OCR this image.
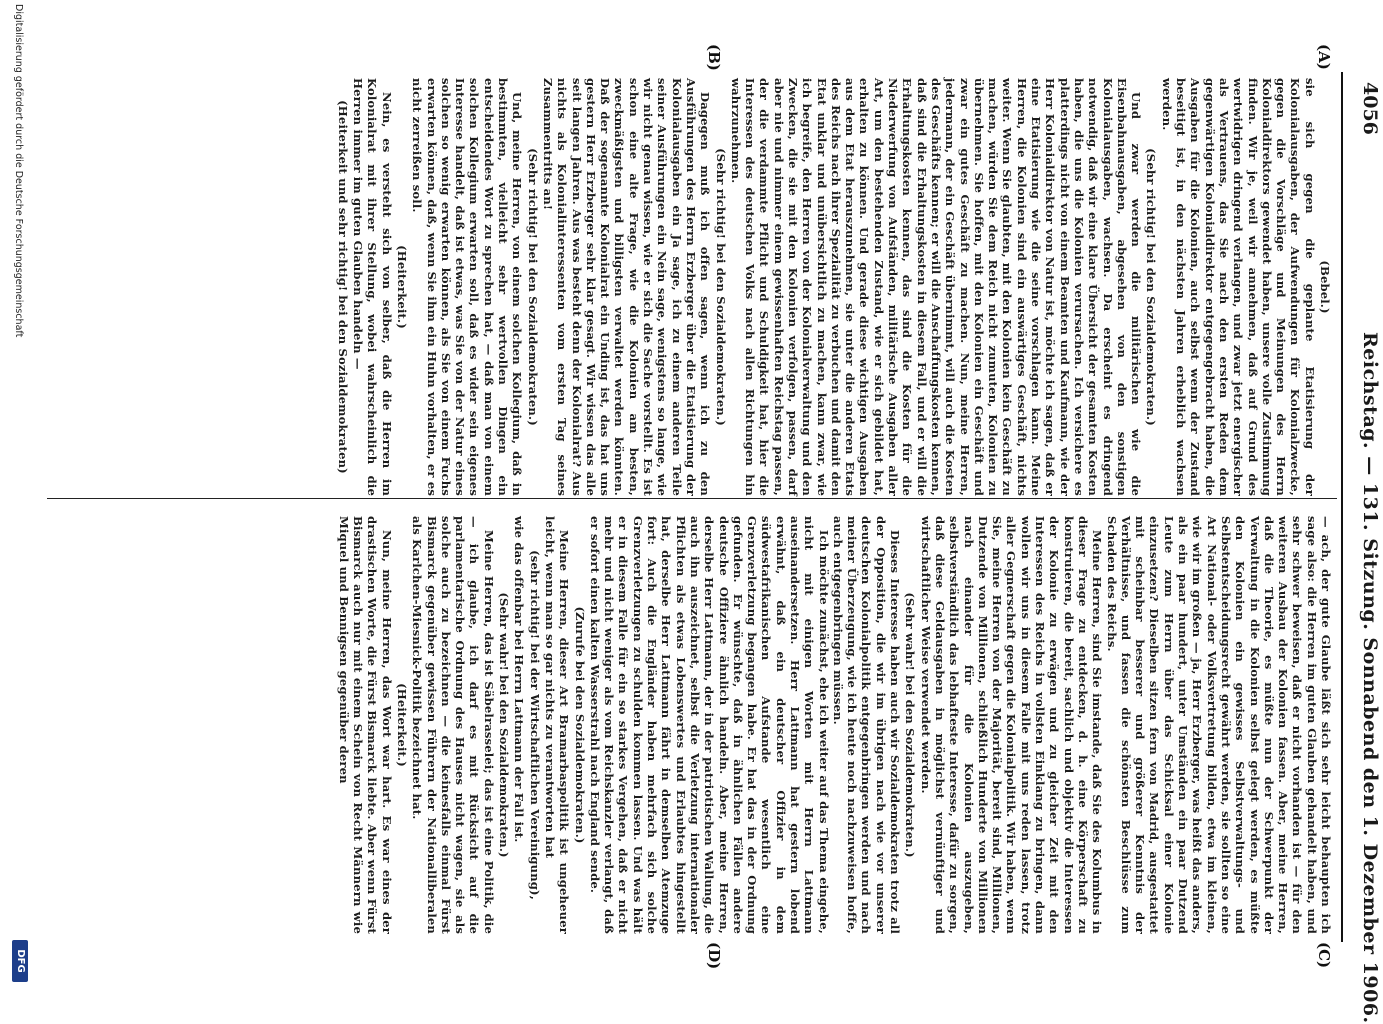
4056
Reichstag. — 131. Sitzung. Sonnabend den 1. Dezember 1906.
(A)
(B)
(C)
(D)

(Bebel.)

sie sich gegen die geplante Etatisierung der Kolonialausgaben, der Aufwendungen für Kolonialzwecke, gegen die Vorschläge und Meinungen des Herrn Kolonialdirektors gewendet haben, unsere volle Zustimmung finden. Wir je, weil wir annehmen, daß auf Grund des wertwidrigen dringend verlangen, und zwar jetzt energischer als Vertrauens, das Sie nach den ersten Reden dem gegenwärtigen Kolonialdirektor entgegengebracht haben, die Ausgaben für die Kolonien, auch selbst wenn der Zustand beseitigt ist, in den nächsten Jahren erheblich wachsen werden.

(Sehr richtig! bei den Sozialdemokraten.)

Und zwar werden die militärischen wie die Eisenbahnausgaben, abgesehen von den sonstigen Kolonialausgaben, wachsen. Da erscheint es dringend notwendig, daß wir eine klare Übersicht der gesamten Kosten haben, die uns die Kolonien verursachen. Ich versichere es platterdings nicht von einem Beamten und Kaufmann, wie der Herr Kolonialdirektor von Natur ist, möchte ich sagen, daß er eine Etatisierung wie die seine vorschlagen kann. Meine Herren, die Kolonien sind ein auswärtiges Geschäft, nichts weiter. Wenn Sie glaubten, mit den Kolonien kein Geschäft zu machen, würden Sie dem Reich nicht zumuten, Kolonien zu übernehmen. Sie hoffen, mit den Kolonien ein Geschäft und zwar ein gutes Geschäft zu machen. Nun, meine Herren, jedermann, der ein Geschäft übernimmt, will auch die Kosten des Geschäfts kennen; er will die Anschaffungskosten kennen, daß sind die Erhaltungskosten in diesem Fall, und er will die Erhaltungskosten kennen, das sind die Kosten für die Niederwerfung von Aufständen, militärische Ausgaben aller Art, um den bestehenden Zustand, wie er sich gebildet hat, erhalten zu können. Und gerade diese wichtigen Ausgaben aus dem Etat herauszunehmen, sie unter die anderen Etats des Reichs nach ihrer Spezialität zu verbuchen und damit den Etat unklar und unübersichtlich zu machen, kann zwar, wie ich begreife, den Herren von der Kolonialverwaltung und den Zwecken, die sie mit den Kolonien verfolgen, passen, darf aber nie und nimmer einem gewissenhaften Reichstag passen, der die verdammte Pflicht und Schuldigkeit hat, hier die Interessen des deutschen Volks nach allen Richtungen hin wahrzunehmen.

(Sehr richtig! bei den Sozialdemokraten.)

Dagegen muß ich offen sagen, wenn ich zu den Ausführungen des Herrn Erzberger über die Etatisierung der Kolonialausgaben ein Ja sage, ich zu einem anderen Teile seiner Ausführungen ein Nein sage, wenigstens so lange, wie wir nicht genau wissen, wie er sich die Sache vorstellt. Es ist schon eine alte Frage, wie die Kolonien am besten, zweckmäßigsten und billigsten verwaltet werden könnten. Daß der sogenannte Kolonialrat ein Unding ist, das hat uns gestern Herr Erzberger sehr klar gesagt. Wir wissen das alle seit langen Jahren. Aus was besteht denn der Kolonialrat? Aus nichts als Kolonialinteressenten vom ersten Tag seines Zusammentritts an!

(Sehr richtig! bei den Sozialdemokraten.)

Und, meine Herren, von einem solchen Kollegium, daß in bestimmten, vielleicht sehr wertvollen Dingen ein entscheidendes Wort zu sprechen hat, — daß man von einem solchen Kollegium erwarten soll, daß es wider sein eigenes Interesse handelt, daß ist etwas, was Sie von der Natur eines solchen so wenig erwarten können, als Sie von einem Fuchs erwarten können, daß, wenn Sie ihm ein Huhn vorhalten, er es nicht zerreißen soll.

(Heiterkeit.)

Nein, es versteht sich von selber, daß die Herren im Kolonialrat mit ihrer Stellung, wobei wahrscheinlich die Herren immer im guten Glauben handeln —

(Heiterkeit und sehr richtig! bei den Sozialdemokraten)

— ach, der gute Glaube läßt sich sehr leicht behaupten ich sage also: die Herren im guten Glauben gehandelt haben, und sehr schwer beweisen, daß er nicht vorhanden ist — für den weiteren Ausbau der Kolonien fassen. Aber, meine Herren, daß die Theorie, es müßte nun der Schwerpunkt der Verwaltung in die Kolonien selbst gelegt werden, es müßte den Kolonien ein gewisses Selbstverwaltungs- und Selbstentscheidungsrecht gewährt werden, sie sollten so eine Art National- oder Volksvertretung bilden, etwa im kleinen, wie wir im großen — ja, Herr Erzberger, was heißt das anders, als ein paar hundert, unter Umständen ein paar Dutzend Leute zum Herrn über das Schicksal einer Kolonie einzusetzen? Dieselben sitzen fern von Madrid, ausgestattet mit scheinbar besserer und größerer Kenntnis der Verhältnisse, und fassen die schönsten Beschlüsse zum Schaden des Reichs.

Meine Herren, sind Sie imstande, daß Sie des Kolumbus in dieser Frage zu entdecken, d. h. eine Körperschaft zu konstruieren, die bereit, sachlich und objektiv die Interessen der Kolonie zu erwägen und zu gleicher Zeit mit den Interessen des Reichs in vollsten Einklang zu bringen, dann wollen wir uns in diesem Falle mit uns reden lassen, trotz aller Gegnerschaft gegen die Kolonialpolitik. Wir haben, wenn Sie, meine Herren von der Majorität, bereit sind, Millionen, Dutzende von Millionen, schließlich Hunderte von Millionen nach einander für die Kolonien auszugeben, selbstverständlich das lebhafteste Interesse, dafür zu sorgen, daß diese Geldausgaben in möglichst vernünftiger und wirtschaftlicher Weise verwendet werden.

(Sehr wahr! bei den Sozialdemokraten.)

Dieses Interesse haben auch wir Sozialdemokraten trotz all der Opposition, die wir im übrigen nach wie vor unserer deutschen Kolonialpolitik entgegenbringen werden und nach meiner Überzeugung, wie ich heute noch nachzuweisen hoffe, auch entgegenbringen müssen.

Ich möchte zunächst, ehe ich weiter auf das Thema eingehe, nicht mit einigen Worten mit Herrn Lattmann auseinandersetzen. Herr Lattmann hat gestern lobend erwähnt, daß ein deutscher Offizier in dem südwestafrikanischen Aufstande wesentlich eine Grenzverletzung begangen habe. Er hat das in der Ordnung gefunden. Er wünschte, daß in ähnlichen Fällen andere deutsche Offiziere ähnlich handeln. Aber, meine Herren, derselbe Herr Lattmann, der in der patriotischen Wallung, die auch ihn auszeichnet, selbst die Verletzung internationaler Pflichten als etwas Lobenswertes und Erlaubtes hingestellt hat, derselbe Herr Lattmann fährt in demselben Atemzuge fort: Auch die Engländer haben mehrfach sich solche Grenzverletzungen zu schulden kommen lassen. Und was hält er in diesem Falle für ein so starkes Vergehen, daß er nicht mehr und nicht weniger als vom Reichskanzler verlangt, daß er sofort einen kalten Wasserstrahl nach England sende.

(Zurufe bei den Sozialdemokraten.)

Meine Herren, dieser Art Bramarbaspolitik ist ungeheuer leicht, wenn man so gar nichts zu verantworten hat

(sehr richtig! bei der Wirtschaftlichen Vereinigung),

wie das offenbar bei Herrn Lattmann der Fall ist.

(Sehr wahr! bei den Sozialdemokraten.)

Meine Herren, das ist Säbelrasselei; das ist eine Politik, die — ich glaube, ich darf es mit Rücksicht auf die parlamentarische Ordnung des Hauses nicht wagen, sie als solche auch zu bezeichnen — die keinesfalls einmal Fürst Bismarck gegenüber gewissen Führern der Nationalliberalen als Karlchen-Miesnick-Politik bezeichnet hat.

(Heiterkeit.)

Nun, meine Herren, das Wort war hart. Es war eines der drastischen Worte, die Fürst Bismarck liebte. Aber wenn Fürst Bismarck auch nur mit einem Schein von Recht Männern wie Miquel und Bennigsen gegenüber deren

Digitalisierung gefördert durch die Deutsche Forschungsgemeinschaft
DFG
